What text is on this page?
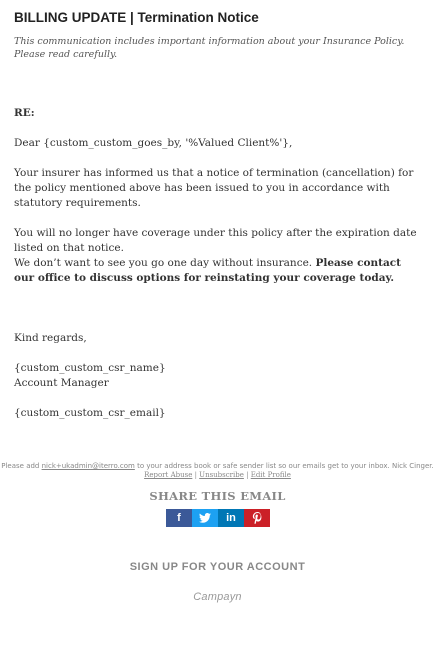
BILLING UPDATE | Termination Notice
This communication includes important information about your Insurance Policy. Please read carefully.

RE:

Dear {custom_custom_goes_by, '%Valued Client%'},

Your insurer has informed us that a notice of termination (cancellation) for the policy mentioned above has been issued to you in accordance with statutory requirements.

You will no longer have coverage under this policy after the expiration date listed on that notice.

We don’t want to see you go one day without insurance. Please contact our office to discuss options for reinstating your coverage today.

Kind regards,

{custom_custom_csr_name}

Account Manager

{custom_custom_csr_email}

Please add nick+ukadmin@iterro.com to your address book or safe sender list so our emails get to your inbox. Nick Cinger.
Report Abuse | Unsubscribe | Edit Profile
SHARE THIS EMAIL
f	in
SIGN UP FOR YOUR ACCOUNT
Campayn
